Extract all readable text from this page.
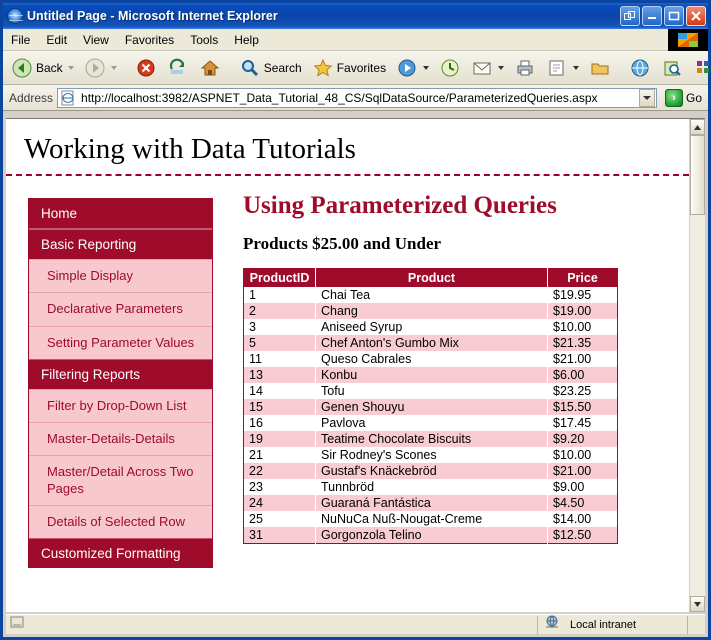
Untitled Page - Microsoft Internet Explorer
File	Edit	View	Favorites	Tools	Help
Back	Search	Favorites
Address
http://localhost:3982/ASPNET_Data_Tutorial_48_CS/SqlDataSource/ParameterizedQueries.aspx	› Go
Working with Data Tutorials
Home
Basic Reporting
Simple Display
Declarative Parameters
Setting Parameter Values
Filtering Reports
Filter by Drop-Down List
Master-Details-Details
Master/Detail Across Two Pages
Details of Selected Row
Customized Formatting
Using Parameterized Queries
Products $25.00 and Under
ProductID	Product	Price
1	Chai Tea	$19.95
2	Chang	$19.00
3	Aniseed Syrup	$10.00
5	Chef Anton's Gumbo Mix	$21.35
11	Queso Cabrales	$21.00
13	Konbu	$6.00
14	Tofu	$23.25
15	Genen Shouyu	$15.50
16	Pavlova	$17.45
19	Teatime Chocolate Biscuits	$9.20
21	Sir Rodney's Scones	$10.00
22	Gustaf's Knäckebröd	$21.00
23	Tunnbröd	$9.00
24	Guaraná Fantástica	$4.50
25	NuNuCa Nuß-Nougat-Creme	$14.00
31	Gorgonzola Telino	$12.50
Local intranet
